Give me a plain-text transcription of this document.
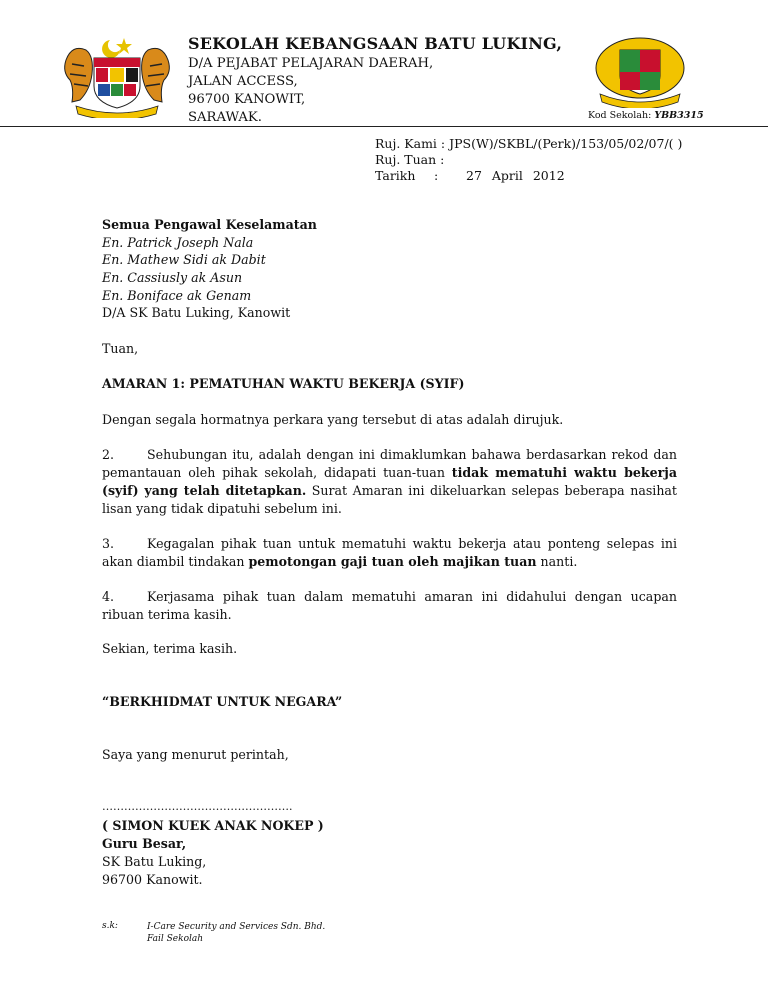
SEKOLAH KEBANGSAAN BATU LUKING,
D/A PEJABAT PELAJARAN DAERAH,
JALAN ACCESS,
96700 KANOWIT,
SARAWAK.	Kod Sekolah: YBB3315
Ruj. Kami : JPS(W)/SKBL/(Perk)/153/05/02/07/( )
Ruj. Tuan :
Tarikh : 27 April 2012
Semua Pengawal Keselamatan
En. Patrick Joseph Nala
En. Mathew Sidi ak Dabit
En. Cassiusly ak Asun
En. Boniface ak Genam
D/A SK Batu Luking, Kanowit
Tuan,
AMARAN 1: PEMATUHAN WAKTU BEKERJA (SYIF)
Dengan segala hormatnya perkara yang tersebut di atas adalah dirujuk.
2.	Sehubungan itu, adalah dengan ini dimaklumkan bahawa berdasarkan rekod dan pemantauan oleh pihak sekolah, didapati tuan-tuan tidak mematuhi waktu bekerja (syif) yang telah ditetapkan. Surat Amaran ini dikeluarkan selepas beberapa nasihat lisan yang tidak dipatuhi sebelum ini.
3.	Kegagalan pihak tuan untuk mematuhi waktu bekerja atau ponteng selepas ini akan diambil tindakan pemotongan gaji tuan oleh majikan tuan nanti.
4.	Kerjasama pihak tuan dalam mematuhi amaran ini didahului dengan ucapan ribuan terima kasih.
Sekian, terima kasih.
“BERKHIDMAT UNTUK NEGARA”
Saya yang menurut perintah,
…………………………………………….
( SIMON KUEK ANAK NOKEP )
Guru Besar,
SK Batu Luking,
96700 Kanowit.
s.k:	I-Care Security and Services Sdn. Bhd.
Fail Sekolah
